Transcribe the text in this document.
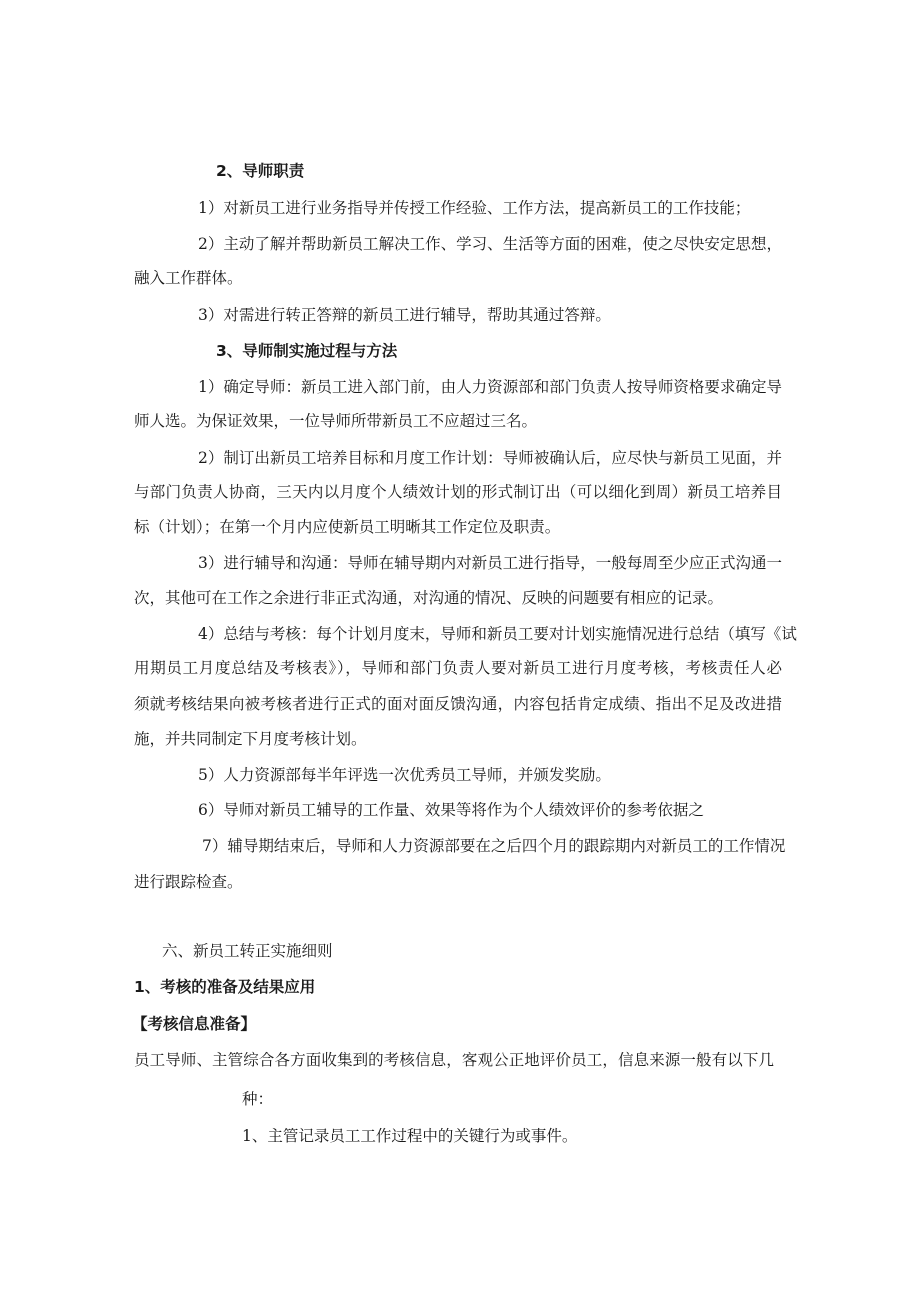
2、导师职责
1）对新员工进行业务指导并传授工作经验、工作方法，提高新员工的工作技能；
2）主动了解并帮助新员工解决工作、学习、生活等方面的困难，使之尽快安定思想，
融入工作群体。
3）对需进行转正答辩的新员工进行辅导，帮助其通过答辩。
3、导师制实施过程与方法
1）确定导师：新员工进入部门前，由人力资源部和部门负责人按导师资格要求确定导
师人选。为保证效果，一位导师所带新员工不应超过三名。
2）制订出新员工培养目标和月度工作计划：导师被确认后，应尽快与新员工见面，并
与部门负责人协商，三天内以月度个人绩效计划的形式制订出（可以细化到周）新员工培养目
标（计划）；在第一个月内应使新员工明晰其工作定位及职责。
3）进行辅导和沟通：导师在辅导期内对新员工进行指导，一般每周至少应正式沟通一
次，其他可在工作之余进行非正式沟通，对沟通的情况、反映的问题要有相应的记录。
4）总结与考核：每个计划月度末，导师和新员工要对计划实施情况进行总结（填写《试
用期员工月度总结及考核表》），导师和部门负责人要对新员工进行月度考核，考核责任人必
须就考核结果向被考核者进行正式的面对面反馈沟通，内容包括肯定成绩、指出不足及改进措
施，并共同制定下月度考核计划。
5）人力资源部每半年评选一次优秀员工导师，并颁发奖励。
6）导师对新员工辅导的工作量、效果等将作为个人绩效评价的参考依据之
7）辅导期结束后，导师和人力资源部要在之后四个月的跟踪期内对新员工的工作情况
进行跟踪检查。
六、新员工转正实施细则
1、考核的准备及结果应用
【考核信息准备】
员工导师、主管综合各方面收集到的考核信息，客观公正地评价员工，信息来源一般有以下几
种：
1、主管记录员工工作过程中的关键行为或事件。
